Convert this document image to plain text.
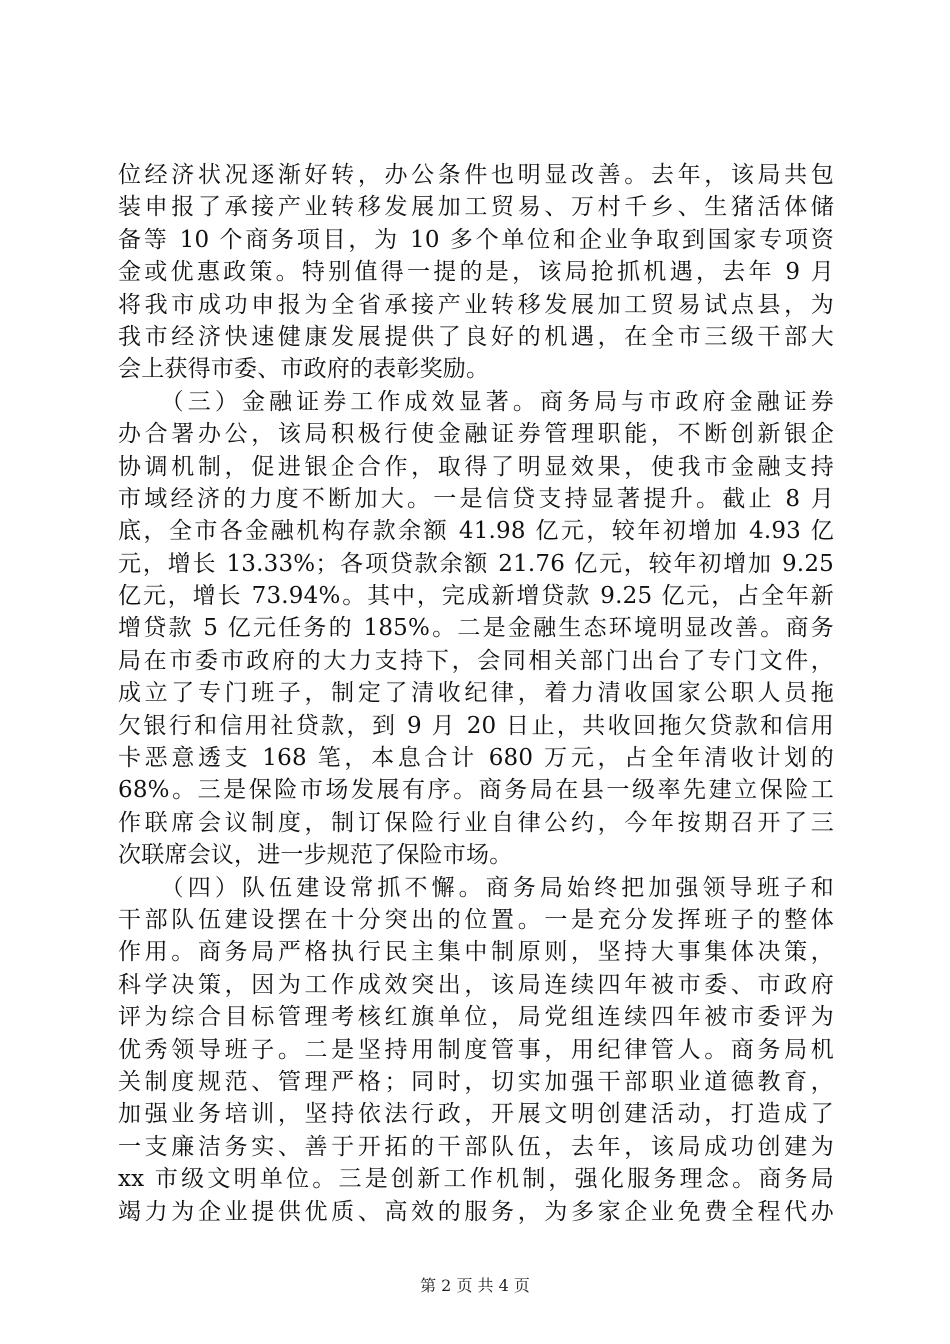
位经济状况逐渐好转，办公条件也明显改善。去年，该局共包
装申报了承接产业转移发展加工贸易、万村千乡、生猪活体储
备等 10 个商务项目，为 10 多个单位和企业争取到国家专项资
金或优惠政策。特别值得一提的是，该局抢抓机遇，去年 9 月
将我市成功申报为全省承接产业转移发展加工贸易试点县，为
我市经济快速健康发展提供了良好的机遇，在全市三级干部大
会上获得市委、市政府的表彰奖励。
　　（三）金融证券工作成效显著。商务局与市政府金融证券
办合署办公，该局积极行使金融证券管理职能，不断创新银企
协调机制，促进银企合作，取得了明显效果，使我市金融支持
市域经济的力度不断加大。一是信贷支持显著提升。截止 8 月
底，全市各金融机构存款余额 41.98 亿元，较年初增加 4.93 亿
元，增长 13.33%；各项贷款余额 21.76 亿元，较年初增加 9.25
亿元，增长 73.94%。其中，完成新增贷款 9.25 亿元，占全年新
增贷款 5 亿元任务的 185%。二是金融生态环境明显改善。商务
局在市委市政府的大力支持下，会同相关部门出台了专门文件，
成立了专门班子，制定了清收纪律，着力清收国家公职人员拖
欠银行和信用社贷款，到 9 月 20 日止，共收回拖欠贷款和信用
卡恶意透支 168 笔，本息合计 680 万元，占全年清收计划的
68%。三是保险市场发展有序。商务局在县一级率先建立保险工
作联席会议制度，制订保险行业自律公约，今年按期召开了三
次联席会议，进一步规范了保险市场。
　　（四）队伍建设常抓不懈。商务局始终把加强领导班子和
干部队伍建设摆在十分突出的位置。一是充分发挥班子的整体
作用。商务局严格执行民主集中制原则，坚持大事集体决策，
科学决策，因为工作成效突出，该局连续四年被市委、市政府
评为综合目标管理考核红旗单位，局党组连续四年被市委评为
优秀领导班子。二是坚持用制度管事，用纪律管人。商务局机
关制度规范、管理严格；同时，切实加强干部职业道德教育，
加强业务培训，坚持依法行政，开展文明创建活动，打造成了
一支廉洁务实、善于开拓的干部队伍，去年，该局成功创建为
xx 市级文明单位。三是创新工作机制，强化服务理念。商务局
竭力为企业提供优质、高效的服务，为多家企业免费全程代办
第 2 页 共 4 页
